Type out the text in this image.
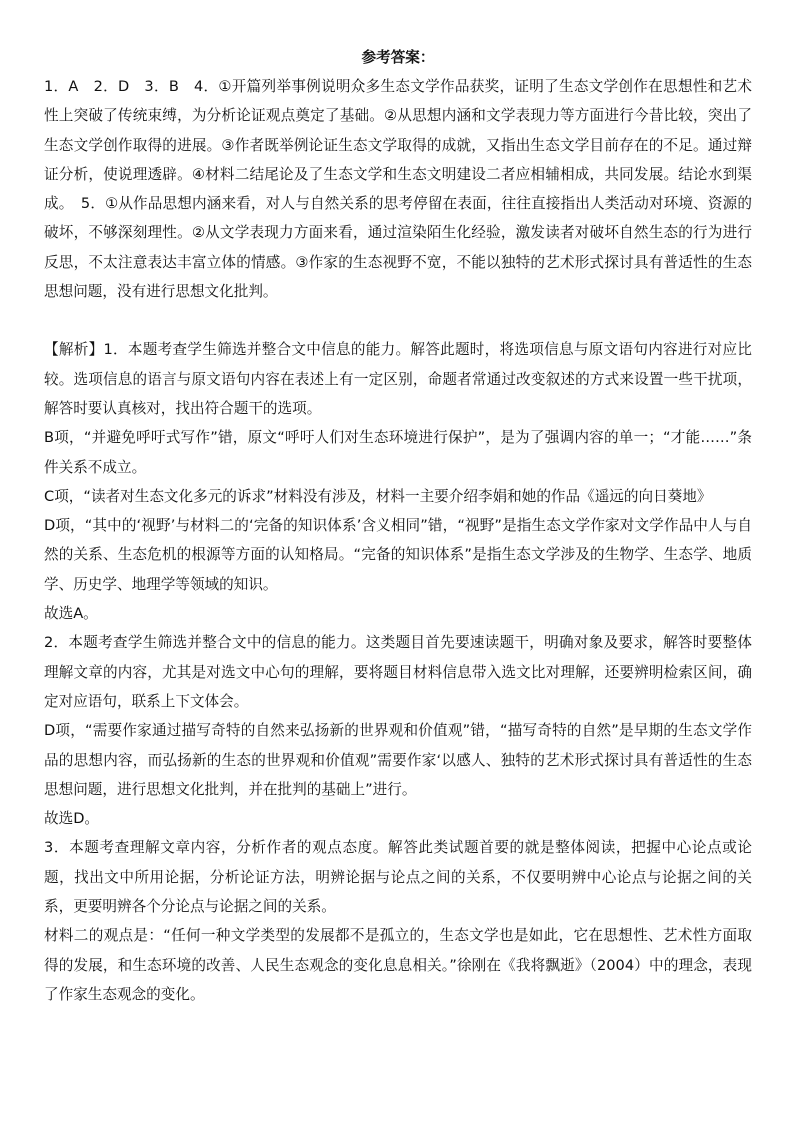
参考答案：

1．A　2．D　3．B　4．①开篇列举事例说明众多生态文学作品获奖，证明了生态文学创作在思想性和艺术性上突破了传统束缚，为分析论证观点奠定了基础。②从思想内涵和文学表现力等方面进行今昔比较，突出了生态文学创作取得的进展。③作者既举例论证生态文学取得的成就，又指出生态文学目前存在的不足。通过辩证分析，使说理透辟。④材料二结尾论及了生态文学和生态文明建设二者应相辅相成，共同发展。结论水到渠成。　5．①从作品思想内涵来看，对人与自然关系的思考停留在表面，往往直接指出人类活动对环境、资源的破坏，不够深刻理性。②从文学表现力方面来看，通过渲染陌生化经验，激发读者对破坏自然生态的行为进行反思，不太注意表达丰富立体的情感。③作家的生态视野不宽，不能以独特的艺术形式探讨具有普适性的生态思想问题，没有进行思想文化批判。

【解析】1．本题考查学生筛选并整合文中信息的能力。解答此题时，将选项信息与原文语句内容进行对应比较。选项信息的语言与原文语句内容在表述上有一定区别，命题者常通过改变叙述的方式来设置一些干扰项，解答时要认真核对，找出符合题干的选项。

B项，“并避免呼吁式写作”错，原文“呼吁人们对生态环境进行保护”，是为了强调内容的单一；“才能……”条件关系不成立。

C项，“读者对生态文化多元的诉求”材料没有涉及，材料一主要介绍李娟和她的作品《遥远的向日葵地》

D项，“其中的‘视野’与材料二的‘完备的知识体系’含义相同”错，“视野”是指生态文学作家对文学作品中人与自然的关系、生态危机的根源等方面的认知格局。“完备的知识体系”是指生态文学涉及的生物学、生态学、地质学、历史学、地理学等领域的知识。

故选A。

2．本题考查学生筛选并整合文中的信息的能力。这类题目首先要速读题干，明确对象及要求，解答时要整体理解文章的内容，尤其是对选文中心句的理解，要将题目材料信息带入选文比对理解，还要辨明检索区间，确定对应语句，联系上下文体会。

D项，“需要作家通过描写奇特的自然来弘扬新的世界观和价值观”错，“描写奇特的自然”是早期的生态文学作品的思想内容，而弘扬新的生态的世界观和价值观”需要作家‘以感人、独特的艺术形式探讨具有普适性的生态思想问题，进行思想文化批判，并在批判的基础上”进行。

故选D。

3．本题考查理解文章内容，分析作者的观点态度。解答此类试题首要的就是整体阅读，把握中心论点或论题，找出文中所用论据，分析论证方法，明辨论据与论点之间的关系，不仅要明辨中心论点与论据之间的关系，更要明辨各个分论点与论据之间的关系。

材料二的观点是：“任何一种文学类型的发展都不是孤立的，生态文学也是如此，它在思想性、艺术性方面取得的发展，和生态环境的改善、人民生态观念的变化息息相关。”徐刚在《我将飘逝》（2004）中的理念，表现了作家生态观念的变化。
